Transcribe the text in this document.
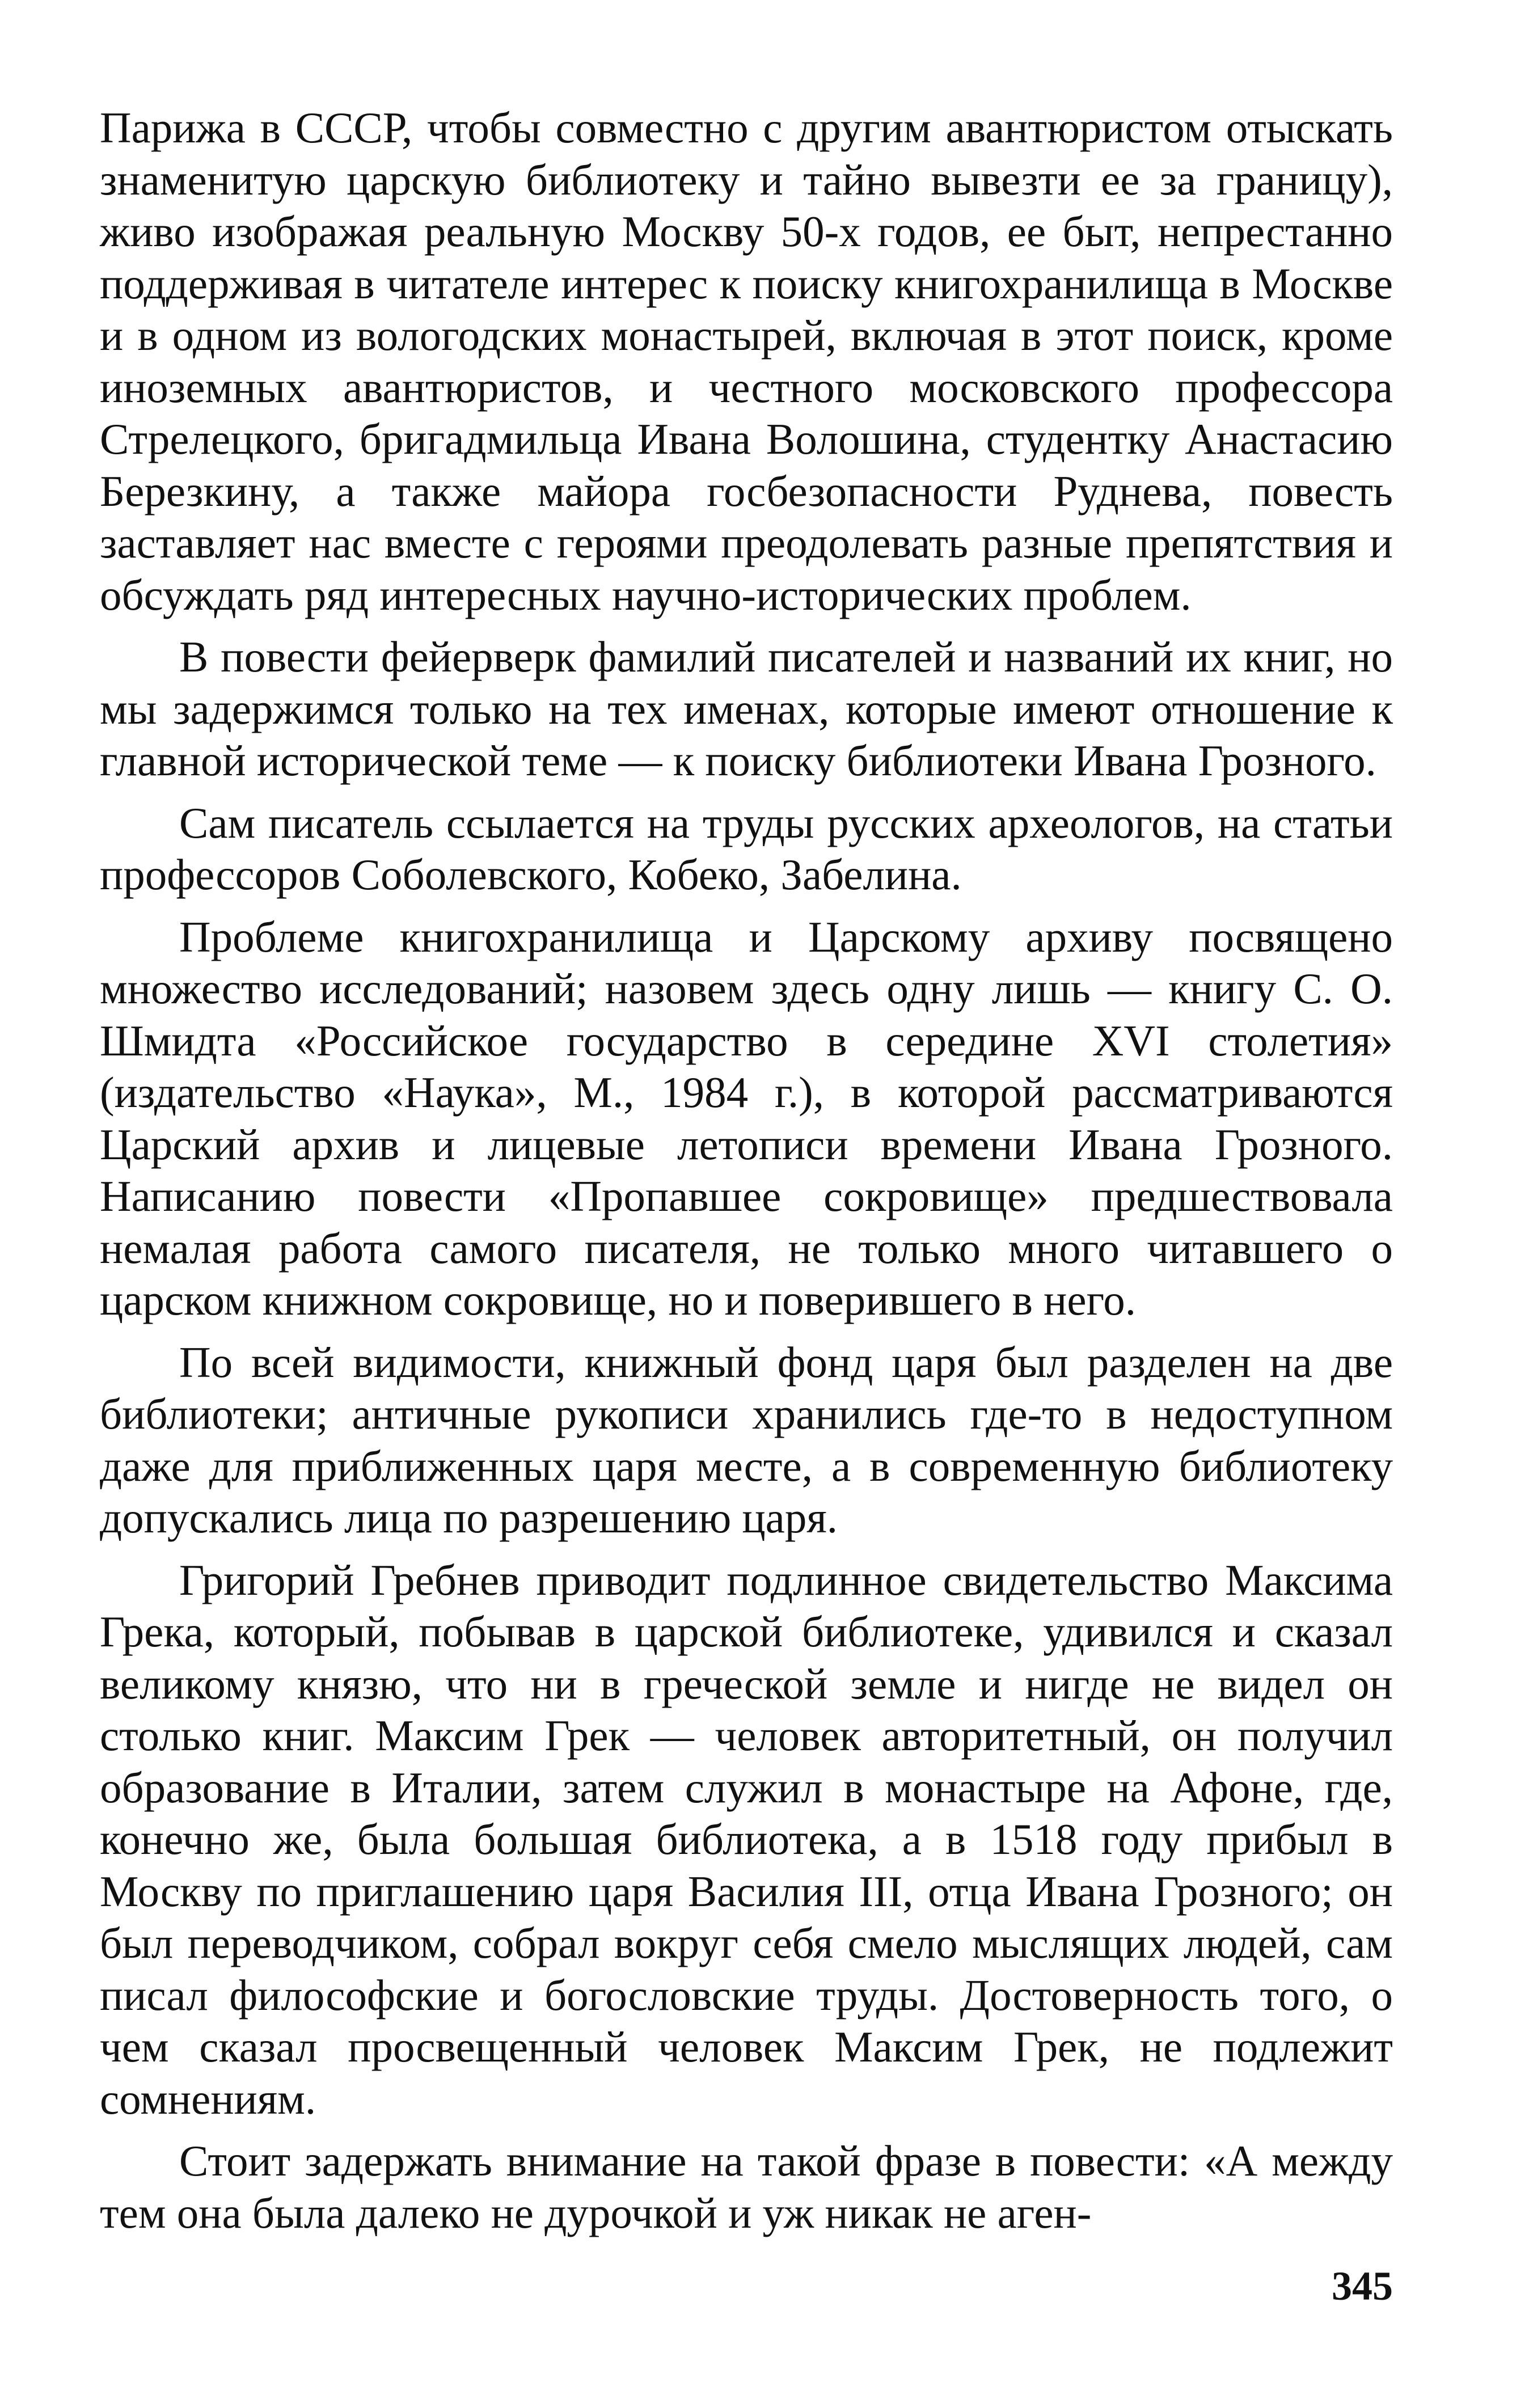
Парижа в СССР, чтобы совместно с другим авантюристом отыскать знаменитую царскую библиотеку и тайно вывезти ее за границу), живо изображая реальную Москву 50-х годов, ее быт, непрестанно поддерживая в читателе интерес к поиску книгохранилища в Москве и в одном из вологодских монастырей, включая в этот поиск, кроме иноземных авантюристов, и честного московского профессора Стрелецкого, бригадмильца Ивана Волошина, студентку Анастасию Березкину, а также майора госбезопасности Руднева, повесть заставляет нас вместе с героями преодолевать разные препятствия и обсуждать ряд интересных научно-исторических проблем.

В повести фейерверк фамилий писателей и названий их книг, но мы задержимся только на тех именах, которые имеют отношение к главной исторической теме — к поиску библиотеки Ивана Грозного.

Сам писатель ссылается на труды русских археологов, на статьи профессоров Соболевского, Кобеко, Забелина.

Проблеме книгохранилища и Царскому архиву посвящено множество исследований; назовем здесь одну лишь — книгу С. О. Шмидта «Российское государство в середине XVI столетия» (издательство «Наука», М., 1984 г.), в которой рассматриваются Царский архив и лицевые летописи времени Ивана Грозного. Написанию повести «Пропавшее сокровище» предшествовала немалая работа самого писателя, не только много читавшего о царском книжном сокровище, но и поверившего в него.

По всей видимости, книжный фонд царя был разделен на две библиотеки; античные рукописи хранились где-то в недоступном даже для приближенных царя месте, а в современную библиотеку допускались лица по разрешению царя.

Григорий Гребнев приводит подлинное свидетельство Максима Грека, который, побывав в царской библиотеке, удивился и сказал великому князю, что ни в греческой земле и нигде не видел он столько книг. Максим Грек — человек авторитетный, он получил образование в Италии, затем служил в монастыре на Афоне, где, конечно же, была большая библиотека, а в 1518 году прибыл в Москву по приглашению царя Василия III, отца Ивана Грозного; он был переводчиком, собрал вокруг себя смело мыслящих людей, сам писал философские и богословские труды. Достоверность того, о чем сказал просвещенный человек Максим Грек, не подлежит сомнениям.

Стоит задержать внимание на такой фразе в повести: «А между тем она была далеко не дурочкой и уж никак не аген-

345
